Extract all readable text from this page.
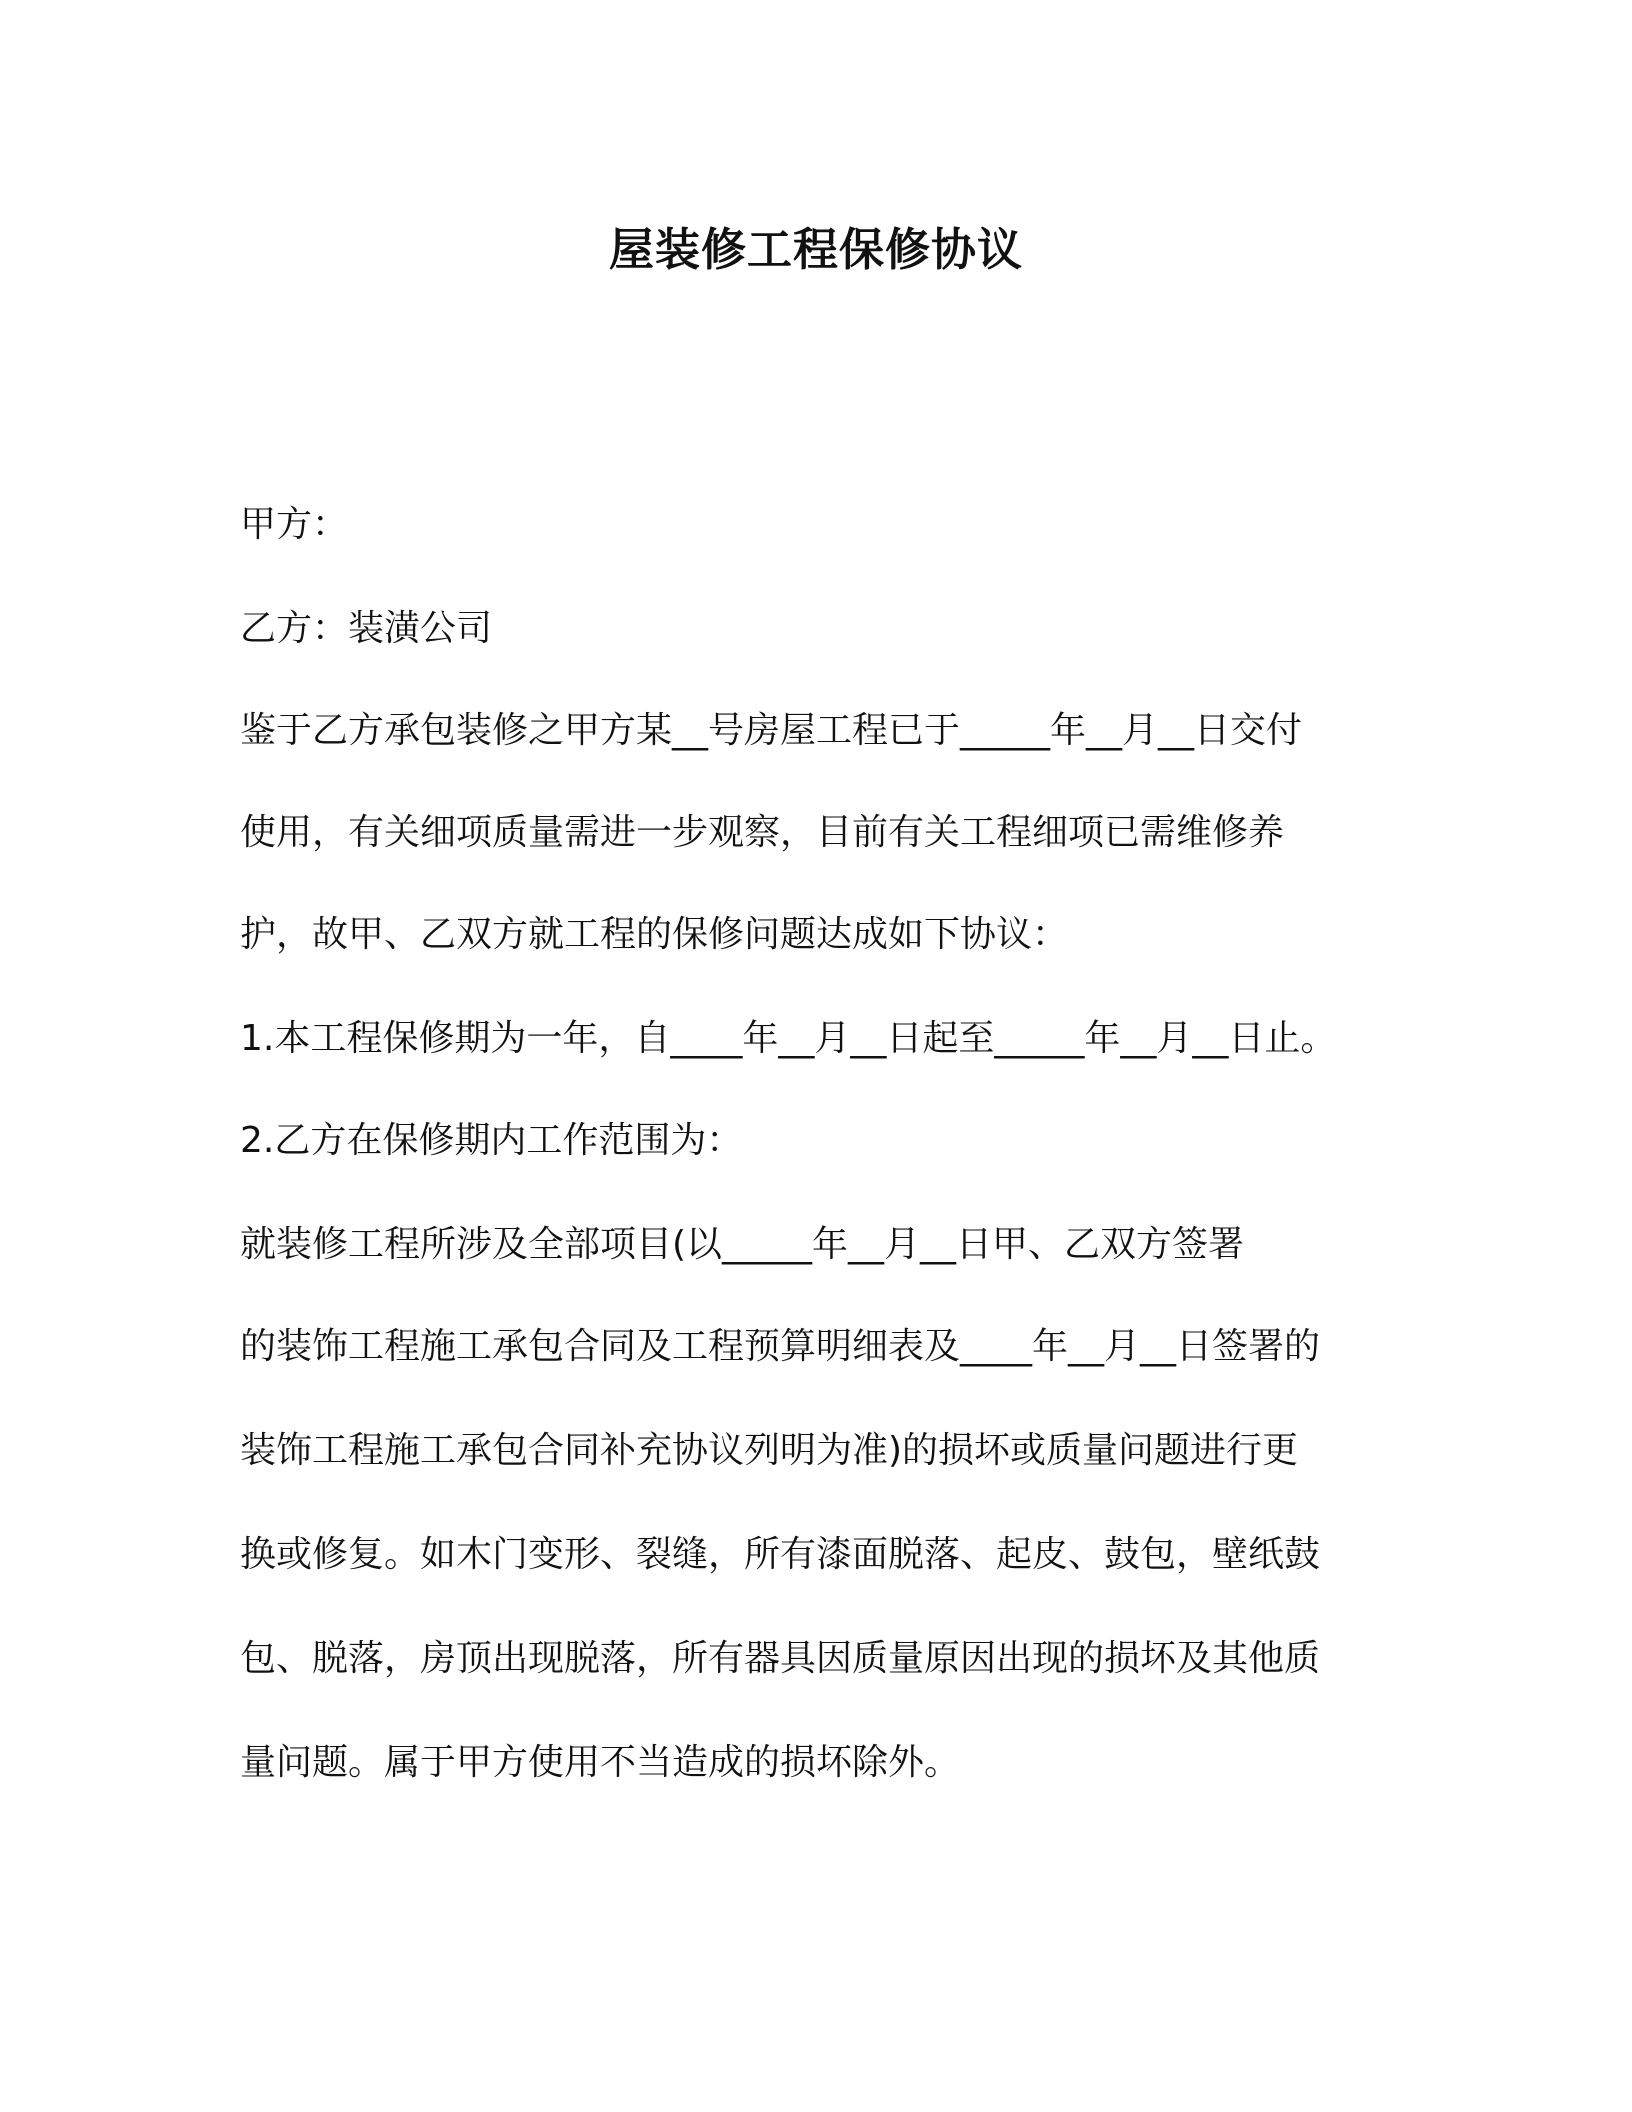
屋装修工程保修协议
甲方：
乙方：装潢公司
鉴于乙方承包装修之甲方某__号房屋工程已于_____年__月__日交付
使用，有关细项质量需进一步观察，目前有关工程细项已需维修养
护，故甲、乙双方就工程的保修问题达成如下协议：
1.本工程保修期为一年，自____年__月__日起至_____年__月__日止。
2.乙方在保修期内工作范围为：
就装修工程所涉及全部项目(以_____年__月__日甲、乙双方签署
的装饰工程施工承包合同及工程预算明细表及____年__月__日签署的
装饰工程施工承包合同补充协议列明为准)的损坏或质量问题进行更
换或修复。如木门变形、裂缝，所有漆面脱落、起皮、鼓包，壁纸鼓
包、脱落，房顶出现脱落，所有器具因质量原因出现的损坏及其他质
量问题。属于甲方使用不当造成的损坏除外。
